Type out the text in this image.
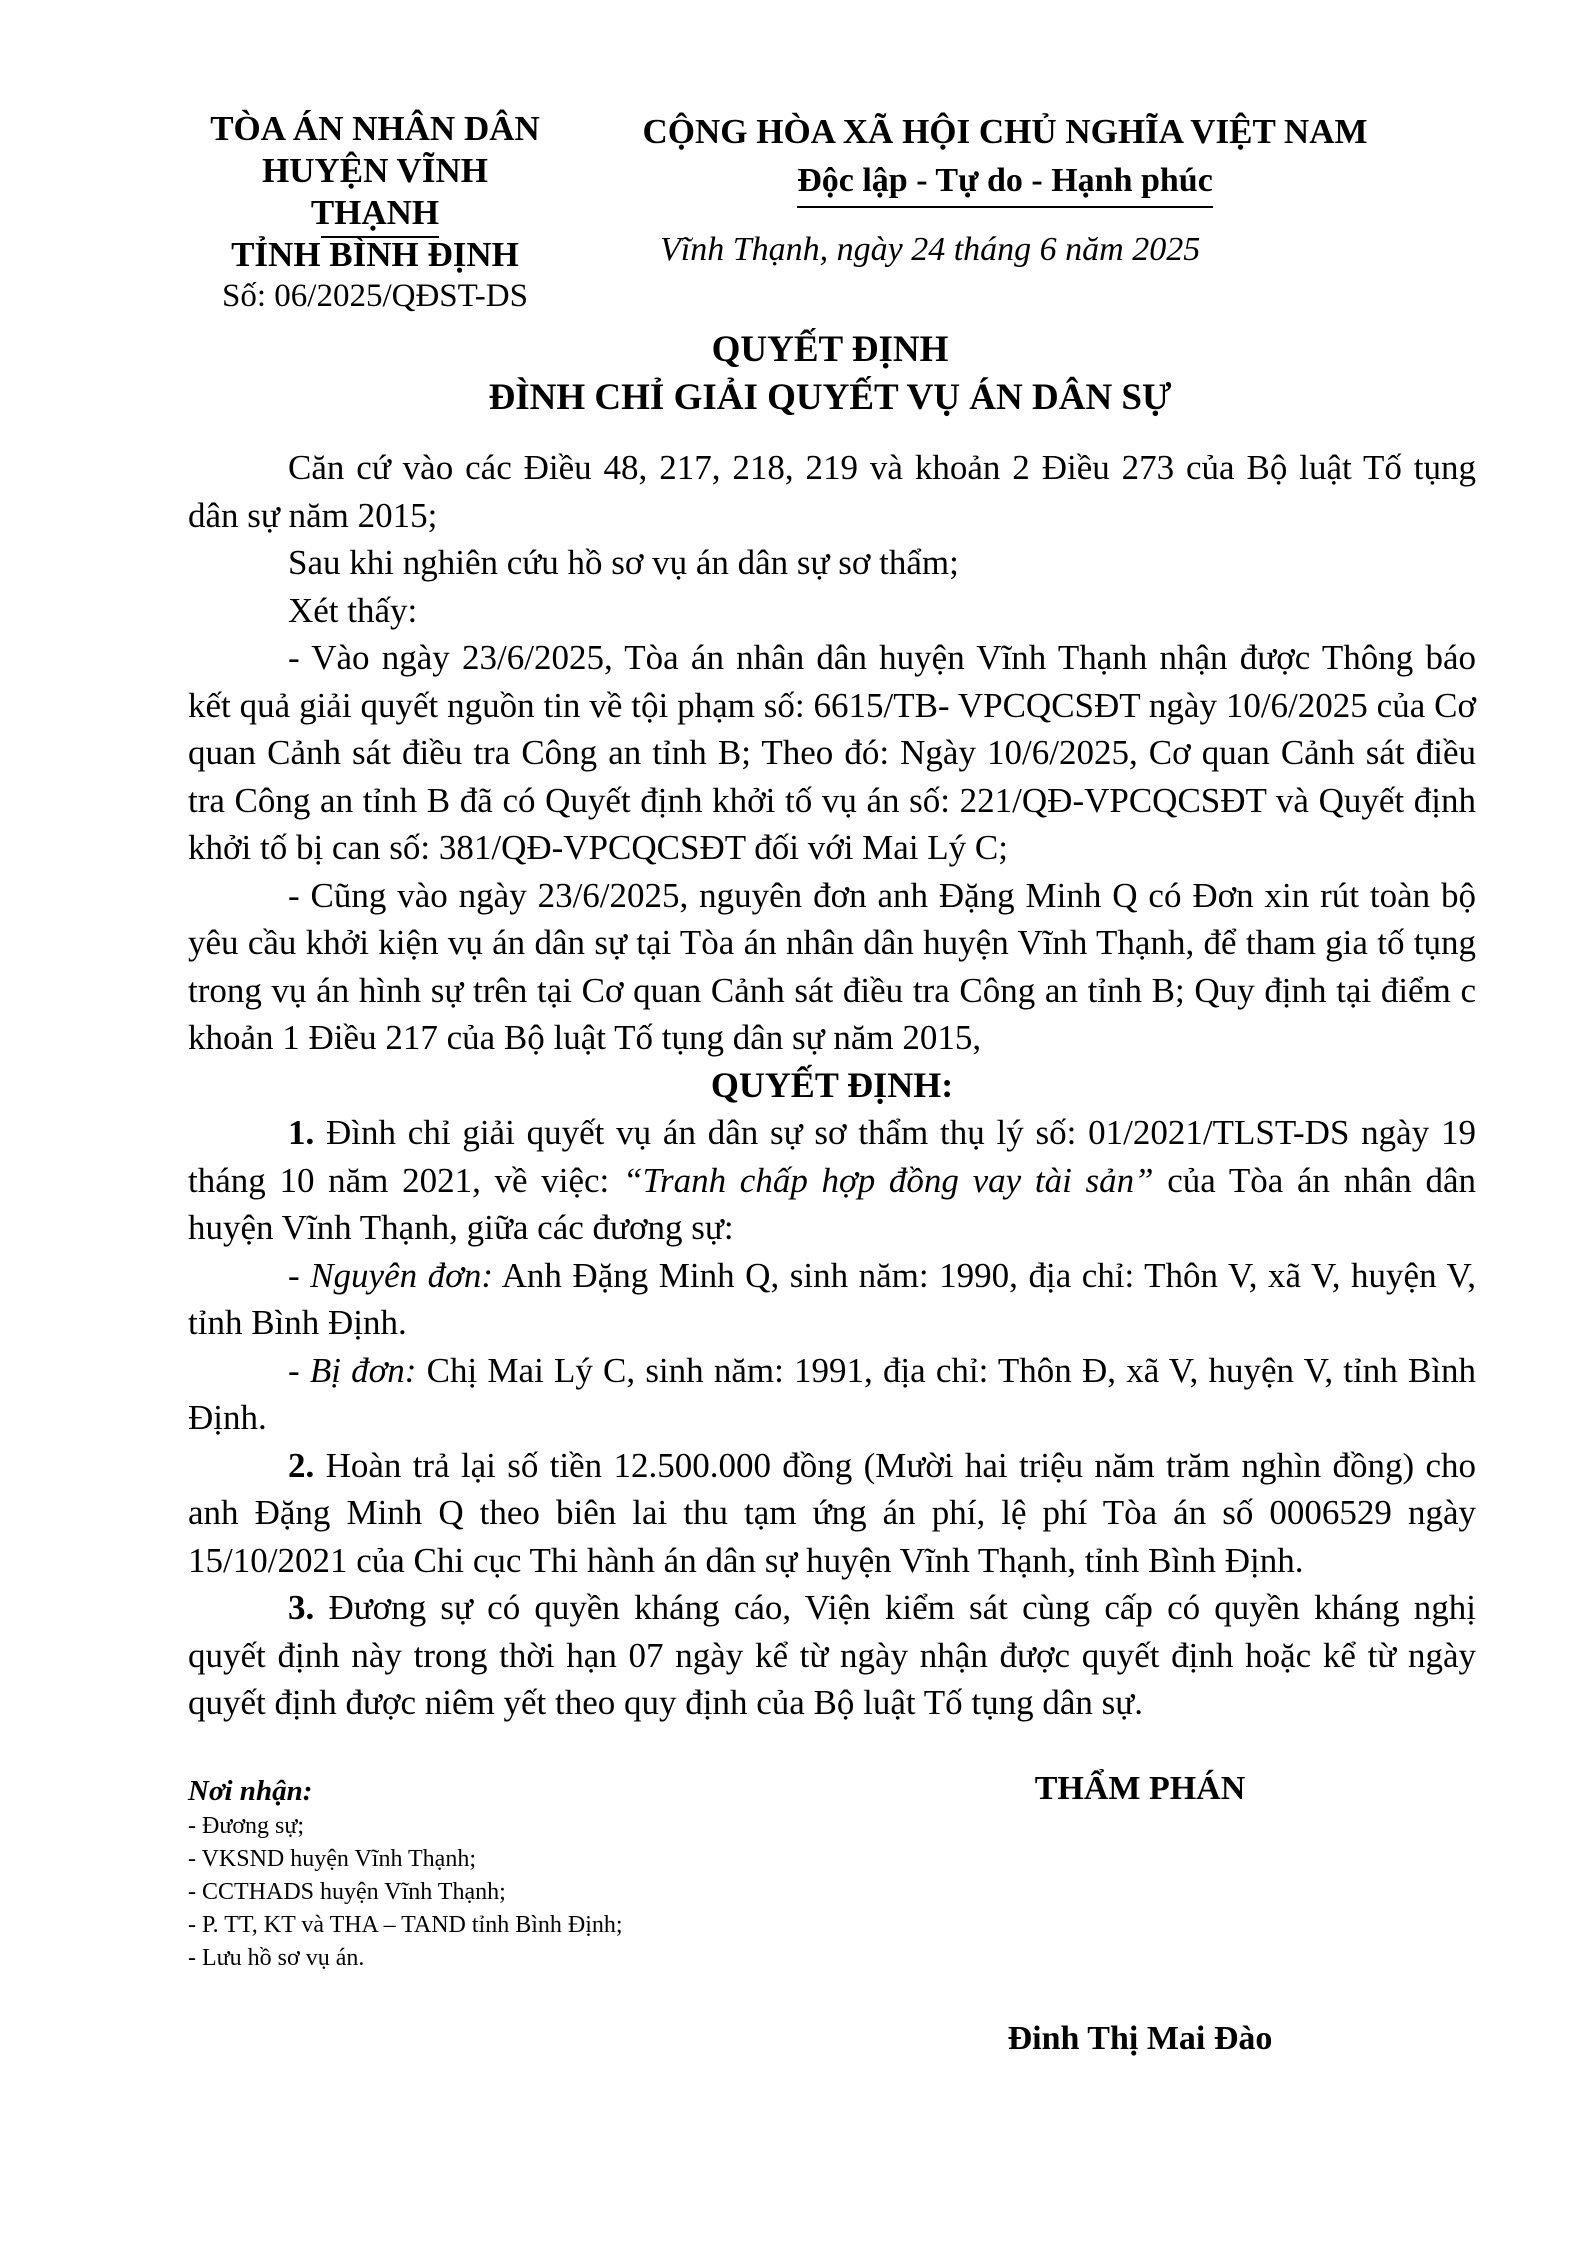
TÒA ÁN NHÂN DÂN
HUYỆN VĨNH
THẠNH
TỈNH BÌNH ĐỊNH
Số: 06/2025/QĐST-DS
CỘNG HÒA XÃ HỘI CHỦ NGHĨA VIỆT NAM
Độc lập - Tự do - Hạnh phúc
Vĩnh Thạnh, ngày 24 tháng 6 năm 2025
QUYẾT ĐỊNH
ĐÌNH CHỈ GIẢI QUYẾT VỤ ÁN DÂN SỰ

Căn cứ vào các Điều 48, 217, 218, 219 và khoản 2 Điều 273 của Bộ luật Tố tụng dân sự năm 2015;

Sau khi nghiên cứu hồ sơ vụ án dân sự sơ thẩm;

Xét thấy:

- Vào ngày 23/6/2025, Tòa án nhân dân huyện Vĩnh Thạnh nhận được Thông báo kết quả giải quyết nguồn tin về tội phạm số: 6615/TB- VPCQCSĐT ngày 10/6/2025 của Cơ quan Cảnh sát điều tra Công an tỉnh B; Theo đó: Ngày 10/6/2025, Cơ quan Cảnh sát điều tra Công an tỉnh B đã có Quyết định khởi tố vụ án số: 221/QĐ-VPCQCSĐT và Quyết định khởi tố bị can số: 381/QĐ-VPCQCSĐT đối với Mai Lý C;

- Cũng vào ngày 23/6/2025, nguyên đơn anh Đặng Minh Q có Đơn xin rút toàn bộ yêu cầu khởi kiện vụ án dân sự tại Tòa án nhân dân huyện Vĩnh Thạnh, để tham gia tố tụng trong vụ án hình sự trên tại Cơ quan Cảnh sát điều tra Công an tỉnh B; Quy định tại điểm c khoản 1 Điều 217 của Bộ luật Tố tụng dân sự năm 2015,

QUYẾT ĐỊNH:

1. Đình chỉ giải quyết vụ án dân sự sơ thẩm thụ lý số: 01/2021/TLST-DS ngày 19 tháng 10 năm 2021, về việc: “Tranh chấp hợp đồng vay tài sản” của Tòa án nhân dân huyện Vĩnh Thạnh, giữa các đương sự:

- Nguyên đơn: Anh Đặng Minh Q, sinh năm: 1990, địa chỉ: Thôn V, xã V, huyện V, tỉnh Bình Định.

- Bị đơn: Chị Mai Lý C, sinh năm: 1991, địa chỉ: Thôn Đ, xã V, huyện V, tỉnh Bình Định.

2. Hoàn trả lại số tiền 12.500.000 đồng (Mười hai triệu năm trăm nghìn đồng) cho anh Đặng Minh Q theo biên lai thu tạm ứng án phí, lệ phí Tòa án số 0006529 ngày 15/10/2021 của Chi cục Thi hành án dân sự huyện Vĩnh Thạnh, tỉnh Bình Định.

3. Đương sự có quyền kháng cáo, Viện kiểm sát cùng cấp có quyền kháng nghị quyết định này trong thời hạn 07 ngày kể từ ngày nhận được quyết định hoặc kể từ ngày quyết định được niêm yết theo quy định của Bộ luật Tố tụng dân sự.

Nơi nhận:
- Đương sự;
- VKSND huyện Vĩnh Thạnh;
- CCTHADS huyện Vĩnh Thạnh;
- P. TT, KT và THA – TAND tỉnh Bình Định;
- Lưu hồ sơ vụ án.
THẨM PHÁN
Đinh Thị Mai Đào
